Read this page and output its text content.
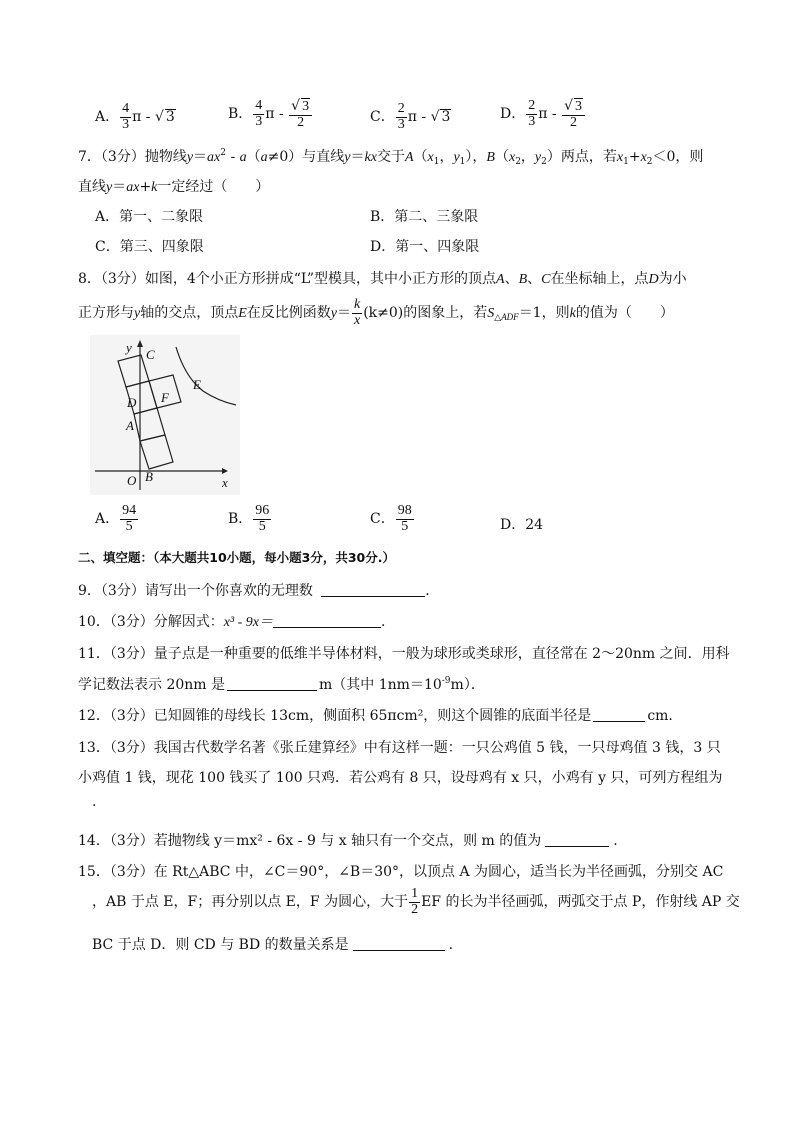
A． $\frac{4}{3}$ π - √ 3	B． $\frac{4}{3}$ π - $\frac{√ 3}{2}$	C． $\frac{2}{3}$ π - √ 3	D． $\frac{2}{3}$ π - $\frac{√ 3}{2}$
7．（3分）抛物线$y=ax^2 - a(a\ne 0)$与直线y＝kx交于$A(x_1$，$y_1$），$B(x_2$，$y_2$）两点，若$x_1+x_2<0$，则
直线y＝ax+k一定经过（　　）
A．第一、二象限	B．第二、三象限
C．第三、四象限	D．第一、四象限
8．（3分）如图，4个小正方形拼成“L”型模具，其中小正方形的顶点A、B、C在坐标轴上，点D为小
正方形与y轴的交点，顶点E在反比例函数$y= \frac{k}{x} (k\ne 0)$的图象上，若$S_{\triangle ADF}=1$，则k的值为（　　）
y C
E
D F
A
O B	x
A． $\frac{94}{5}$	B． $\frac{96}{5}$	C． $\frac{98}{5}$	D．24
二、填空题：（本大题共10小题，每小题3分，共30分.）
9．（3分）请写出一个你喜欢的无理数	.
10．（3分）分解因式：x³ - 9x＝	.
11．（3分）量子点是一种重要的低维半导体材料，一般为球形或类球形，直径常在 2～20nm 之间．用科
学记数法表示 20nm 是	m（其中 $1nm=10^{-9}m$）．
12．（3分）已知圆锥的母线长 13cm，侧面积 65πcm²，则这个圆锥的底面半径是	cm.
13．（3分）我国古代数学名著《张丘建算经》中有这样一题：一只公鸡值 5 钱，一只母鸡值 3 钱，3 只
小鸡值 1 钱，现花 100 钱买了 100 只鸡．若公鸡有 8 只，设母鸡有 x 只，小鸡有 y 只，可列方程组为
.
14．（3分）若抛物线 y＝mx² - 6x - 9 与 x 轴只有一个交点，则 m 的值为	.
15．（3分）在 Rt△ABC 中，∠C＝90°，∠B＝30°，以顶点 A 为圆心，适当长为半径画弧，分别交 AC
，AB 于点 E，F；再分别以点 E，F 为圆心，大于 $\frac{1}{2}$ EF 的长为半径画弧，两弧交于点 P，作射线 AP 交
BC 于点 D．则 CD 与 BD 的数量关系是	.
